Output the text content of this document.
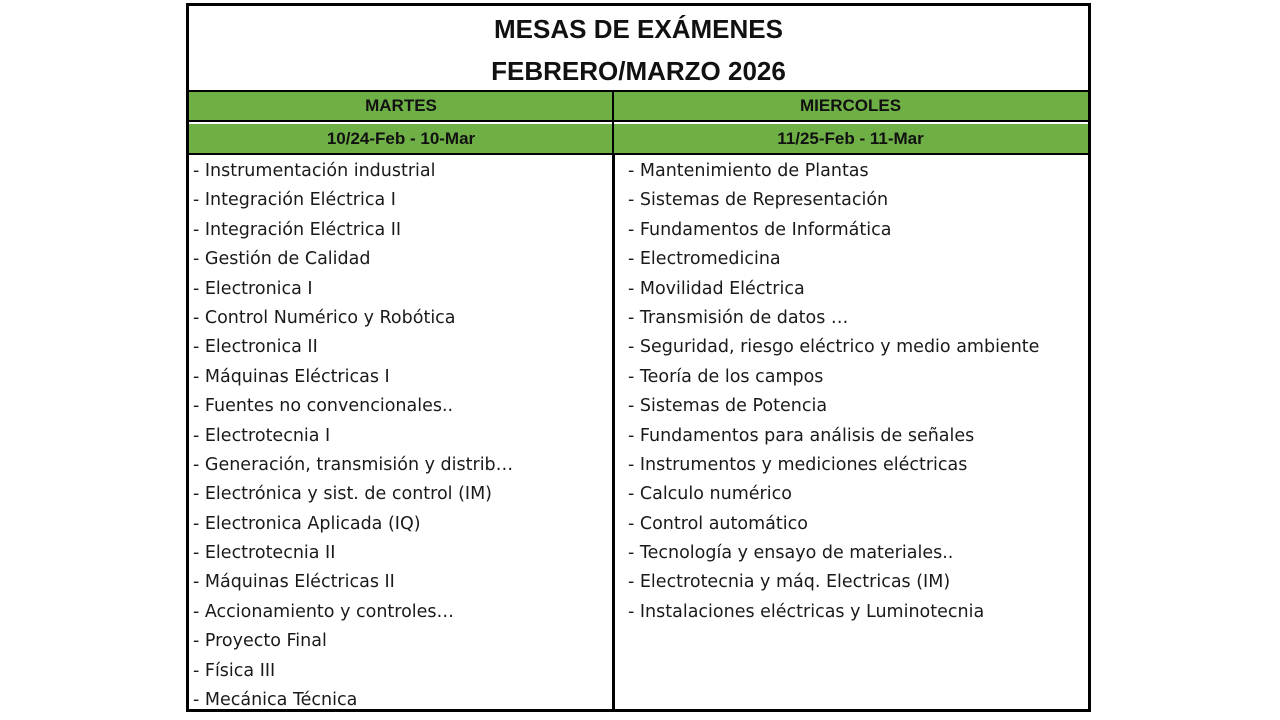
MESAS DE EXÁMENES
FEBRERO/MARZO 2026
MARTES	MIERCOLES
10/24-Feb - 10-Mar	11/25-Feb - 11-Mar
- Instrumentación industrial
- Integración Eléctrica I
- Integración Eléctrica II
- Gestión de Calidad
- Electronica I
- Control Numérico y Robótica
- Electronica II
- Máquinas Eléctricas I
- Fuentes no convencionales..
- Electrotecnia I
- Generación, transmisión y distrib…
- Electrónica y sist. de control (IM)
- Electronica Aplicada (IQ)
- Electrotecnia II
- Máquinas Eléctricas II
- Accionamiento y controles…
- Proyecto Final
- Física III
- Mecánica Técnica
- Mantenimiento de Plantas
- Sistemas de Representación
- Fundamentos de Informática
- Electromedicina
- Movilidad Eléctrica
- Transmisión de datos …
- Seguridad, riesgo eléctrico y medio ambiente
- Teoría de los campos
- Sistemas de Potencia
- Fundamentos para análisis de señales
- Instrumentos y mediciones eléctricas
- Calculo numérico
- Control automático
- Tecnología y ensayo de materiales..
- Electrotecnia y máq. Electricas (IM)
- Instalaciones eléctricas y Luminotecnia
